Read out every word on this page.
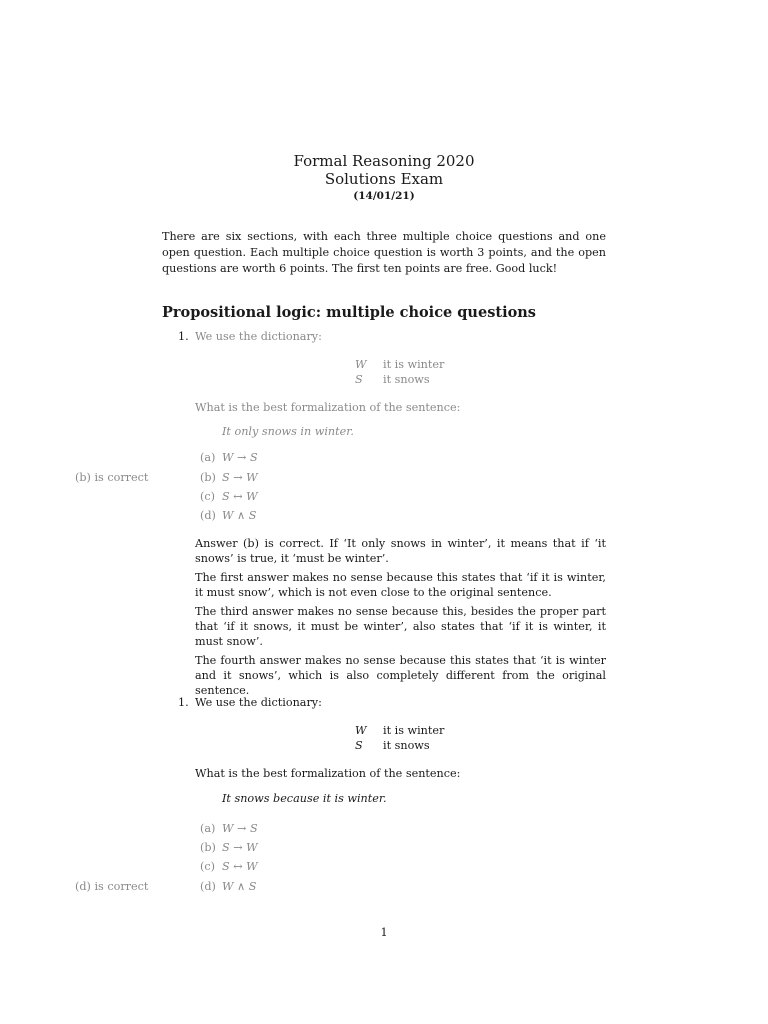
Formal Reasoning 2020
Solutions Exam
(14/01/21)
There are six sections, with each three multiple choice questions and one open question. Each multiple choice question is worth 3 points, and the open questions are worth 6 points. The first ten points are free. Good luck!
Propositional logic: multiple choice questions
1. We use the dictionary:
W	it is winter
S	it snows
What is the best formalization of the sentence:
It only snows in winter.
(a) W → S
(b) S → W
(b) is correct
(c) S ↔ W
(d) W ∧ S
Answer (b) is correct. If ‘It only snows in winter’, it means that if ‘it snows’ is true, it ‘must be winter’.
The first answer makes no sense because this states that ‘if it is winter, it must snow’, which is not even close to the original sentence.
The third answer makes no sense because this, besides the proper part that ‘if it snows, it must be winter’, also states that ‘if it is winter, it must snow’.
The fourth answer makes no sense because this states that ‘it is winter and it snows’, which is also completely different from the original sentence.
1. We use the dictionary:
W	it is winter
S	it snows
What is the best formalization of the sentence:
It snows because it is winter.
(a) W → S
(b) S → W
(c) S ↔ W
(d) W ∧ S
(d) is correct
1
